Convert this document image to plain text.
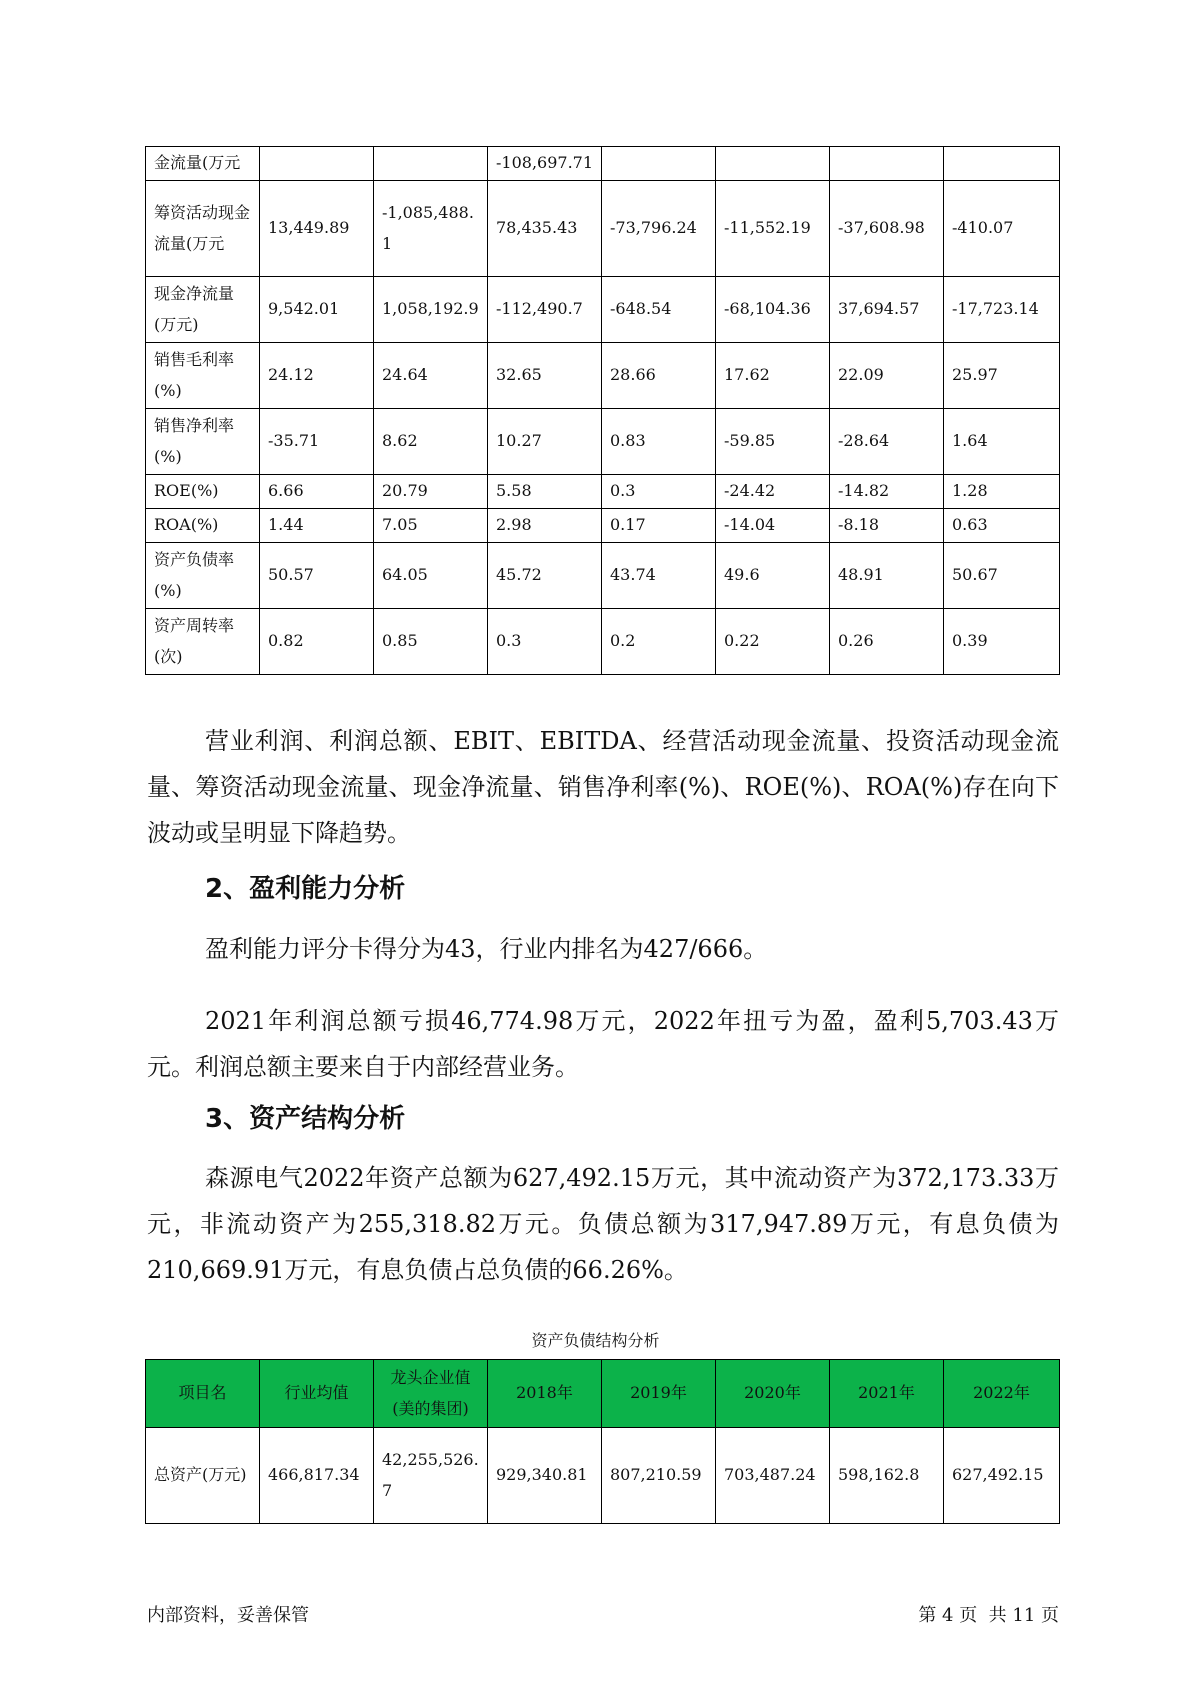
金流量(万元			-108,697.71				
筹资活动现金流量(万元	13,449.89	-1,085,488.1	78,435.43	-73,796.24	-11,552.19	-37,608.98	-410.07
现金净流量(万元)	9,542.01	1,058,192.9	-112,490.7	-648.54	-68,104.36	37,694.57	-17,723.14
销售毛利率(%)	24.12	24.64	32.65	28.66	17.62	22.09	25.97
销售净利率(%)	-35.71	8.62	10.27	0.83	-59.85	-28.64	1.64
ROE(%)	6.66	20.79	5.58	0.3	-24.42	-14.82	1.28
ROA(%)	1.44	7.05	2.98	0.17	-14.04	-8.18	0.63
资产负债率(%)	50.57	64.05	45.72	43.74	49.6	48.91	50.67
资产周转率(次)	0.82	0.85	0.3	0.2	0.22	0.26	0.39

营业利润、利润总额、EBIT、EBITDA、经营活动现金流量、投资活动现金流量、筹资活动现金流量、现金净流量、销售净利率(%)、ROE(%)、ROA(%)存在向下波动或呈明显下降趋势。

2、盈利能力分析

盈利能力评分卡得分为43，行业内排名为427/666。

2021年利润总额亏损46,774.98万元，2022年扭亏为盈，盈利5,703.43万元。利润总额主要来自于内部经营业务。

3、资产结构分析

森源电气2022年资产总额为627,492.15万元，其中流动资产为372,173.33万元，非流动资产为255,318.82万元。负债总额为317,947.89万元，有息负债为210,669.91万元，有息负债占总负债的66.26%。

资产负债结构分析
项目名	行业均值	龙头企业值(美的集团)	2018年	2019年	2020年	2021年	2022年
总资产(万元)	466,817.34	42,255,526.7	929,340.81	807,210.59	703,487.24	598,162.8	627,492.15
内部资料，妥善保管	第 4 页  共 11 页
